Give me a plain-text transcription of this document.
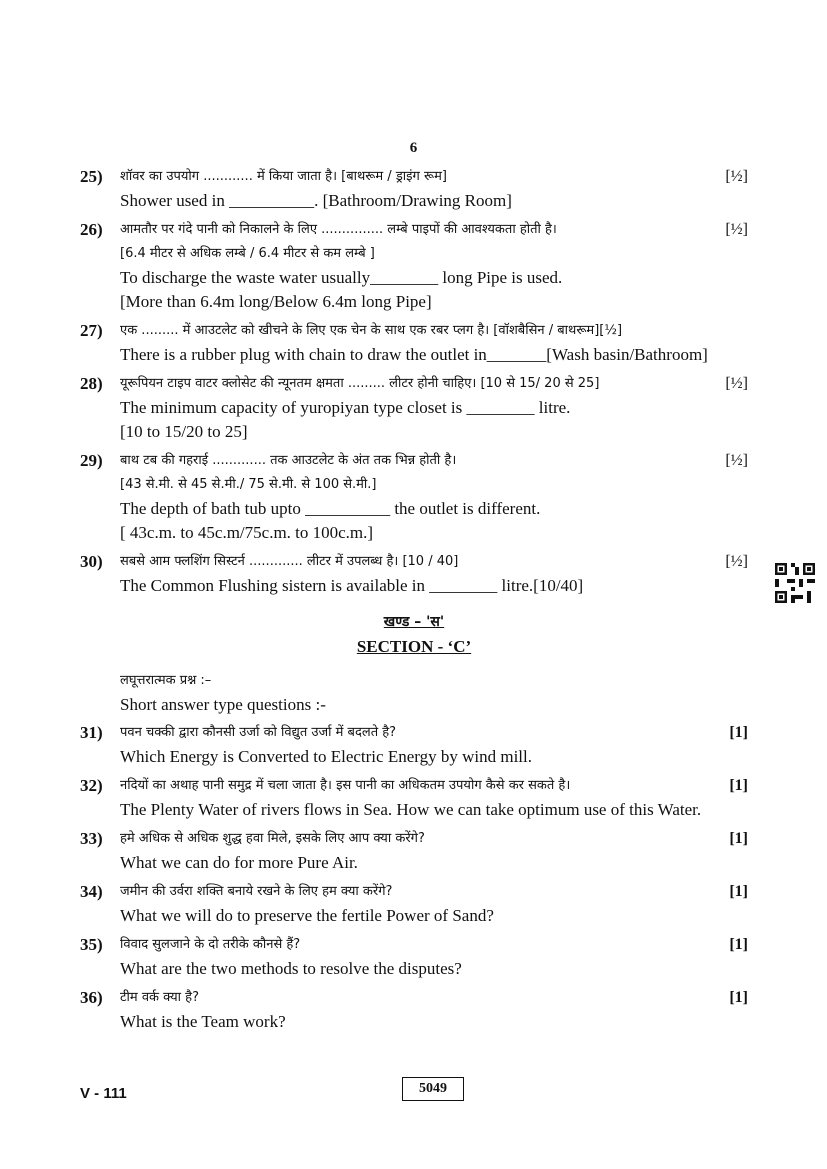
6
25) शॉवर का उपयोग ............ में किया जाता है। [बाथरूम / ड्राइंग रूम]	[½]
Shower used in __________. [Bathroom/Drawing Room]
26) आमतौर पर गंदे पानी को निकालने के लिए ............... लम्बे पाइपों की आवश्यकता होती है।	[½]
[6.4 मीटर से अधिक लम्बे / 6.4 मीटर से कम लम्बे ]
To discharge the waste water usually________ long Pipe is used.
[More than 6.4m long/Below 6.4m long Pipe]
27) एक ......... में आउटलेट को खीचने के लिए एक चेन के साथ एक रबर प्लग है। [वॉशबैसिन / बाथरूम][½]
There is a rubber plug with chain to draw the outlet in_______[Wash basin/Bathroom]
28) यूरूपियन टाइप वाटर क्लोसेट की न्यूनतम क्षमता ......... लीटर होनी चाहिए। [10 से 15/ 20 से 25]	[½]
The minimum capacity of yuropiyan type closet is ________ litre.
[10 to 15/20 to 25]
29) बाथ टब की गहराई ............. तक आउटलेट के अंत तक भिन्न होती है।	[½]
[43 से.मी. से 45 से.मी./ 75 से.मी. से 100 से.मी.]
The depth of bath tub upto __________ the outlet is different.
[ 43c.m. to 45c.m/75c.m. to 100c.m.]
30) सबसे आम फ्लशिंग सिस्टर्न ............. लीटर में उपलब्ध है। [10 / 40]	[½]
The Common Flushing sistern is available in ________ litre.[10/40]
खण्ड – 'स'
SECTION - ‘C’
लघूत्तरात्मक प्रश्न :–
Short answer type questions :-
31) पवन चक्की द्वारा कौनसी उर्जा को विद्युत उर्जा में बदलते है?	[1]
Which Energy is Converted to Electric Energy by wind mill.
32) नदियों का अथाह पानी समुद्र में चला जाता है। इस पानी का अधिकतम उपयोग कैसे कर सकते है।	[1]
The Plenty Water of rivers flows in Sea. How we can take optimum use of this Water.
33) हमे अधिक से अधिक शुद्ध हवा मिले, इसके लिए आप क्या करेंगे?	[1]
What we can do for more Pure Air.
34) जमीन की उर्वरा शक्ति बनाये रखने के लिए हम क्या करेंगे?	[1]
What we will do to preserve the fertile Power of Sand?
35) विवाद सुलजाने के दो तरीके कौनसे हैं?	[1]
What are the two methods to resolve the disputes?
36) टीम वर्क क्या है?	[1]
What is the Team work?
V - 111	5049
